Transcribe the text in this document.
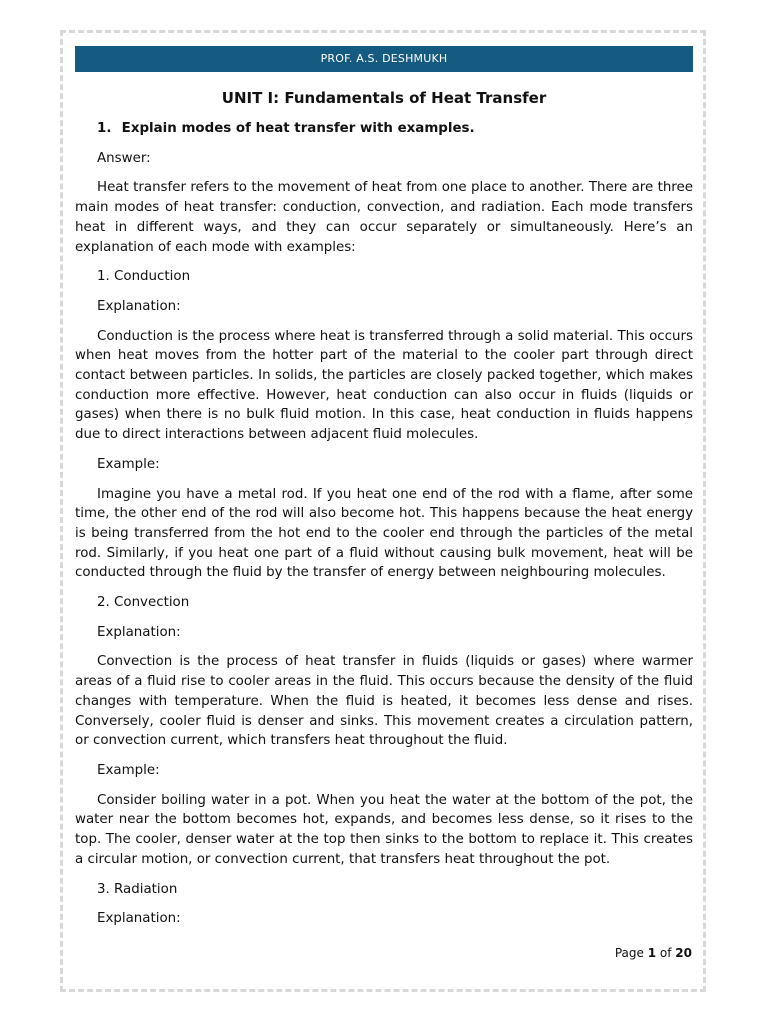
PROF. A.S. DESHMUKH
UNIT I: Fundamentals of Heat Transfer
1. Explain modes of heat transfer with examples.
Answer:
Heat transfer refers to the movement of heat from one place to another. There are three main modes of heat transfer: conduction, convection, and radiation. Each mode transfers heat in different ways, and they can occur separately or simultaneously. Here’s an explanation of each mode with examples:
1. Conduction
Explanation:
Conduction is the process where heat is transferred through a solid material. This occurs when heat moves from the hotter part of the material to the cooler part through direct contact between particles. In solids, the particles are closely packed together, which makes conduction more effective. However, heat conduction can also occur in fluids (liquids or gases) when there is no bulk fluid motion. In this case, heat conduction in fluids happens due to direct interactions between adjacent fluid molecules.
Example:
Imagine you have a metal rod. If you heat one end of the rod with a flame, after some time, the other end of the rod will also become hot. This happens because the heat energy is being transferred from the hot end to the cooler end through the particles of the metal rod. Similarly, if you heat one part of a fluid without causing bulk movement, heat will be conducted through the fluid by the transfer of energy between neighbouring molecules.
2. Convection
Explanation:
Convection is the process of heat transfer in fluids (liquids or gases) where warmer areas of a fluid rise to cooler areas in the fluid. This occurs because the density of the fluid changes with temperature. When the fluid is heated, it becomes less dense and rises. Conversely, cooler fluid is denser and sinks. This movement creates a circulation pattern, or convection current, which transfers heat throughout the fluid.
Example:
Consider boiling water in a pot. When you heat the water at the bottom of the pot, the water near the bottom becomes hot, expands, and becomes less dense, so it rises to the top. The cooler, denser water at the top then sinks to the bottom to replace it. This creates a circular motion, or convection current, that transfers heat throughout the pot.
3. Radiation
Explanation:
Page 1 of 20
